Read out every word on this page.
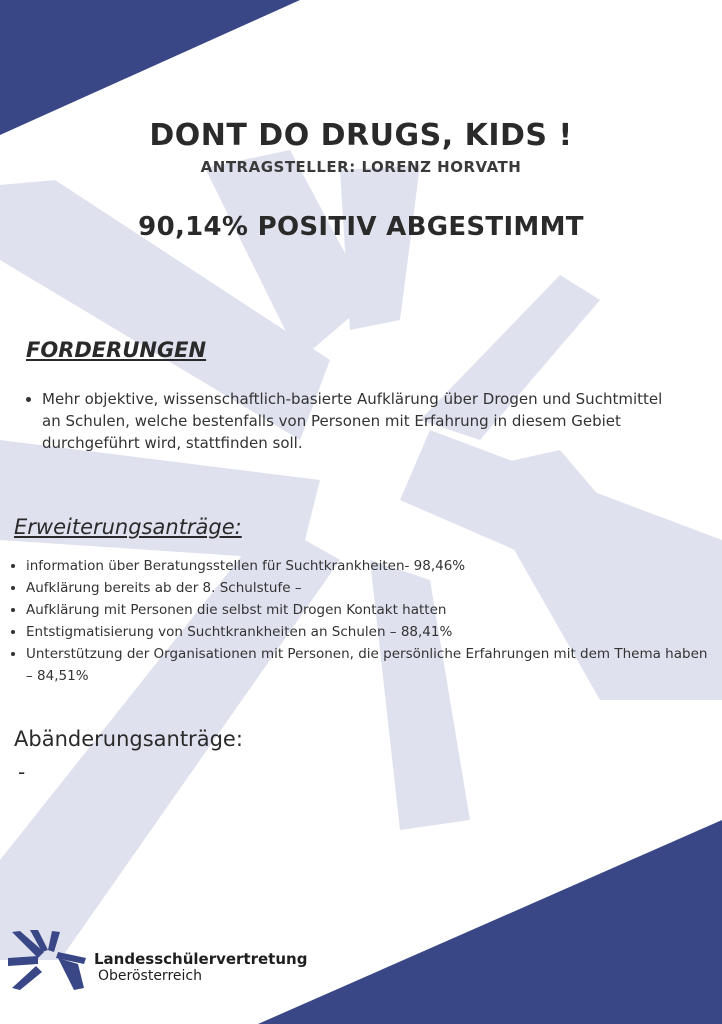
DONT DO DRUGS, KIDS !
ANTRAGSTELLER: LORENZ HORVATH
90,14% POSITIV ABGESTIMMT
FORDERUNGEN
• Mehr objektive, wissenschaftlich-basierte Aufklärung über Drogen und Suchtmittel an Schulen, welche bestenfalls von Personen mit Erfahrung in diesem Gebiet durchgeführt wird, stattfinden soll.
Erweiterungsanträge:
• information über Beratungsstellen für Suchtkrankheiten- 98,46%
• Aufklärung bereits ab der 8. Schulstufe –
• Aufklärung mit Personen die selbst mit Drogen Kontakt hatten
• Entstigmatisierung von Suchtkrankheiten an Schulen – 88,41%
• Unterstützung der Organisationen mit Personen, die persönliche Erfahrungen mit dem Thema haben – 84,51%
Abänderungsanträge:
-
Landesschülervertretung
Oberösterreich
